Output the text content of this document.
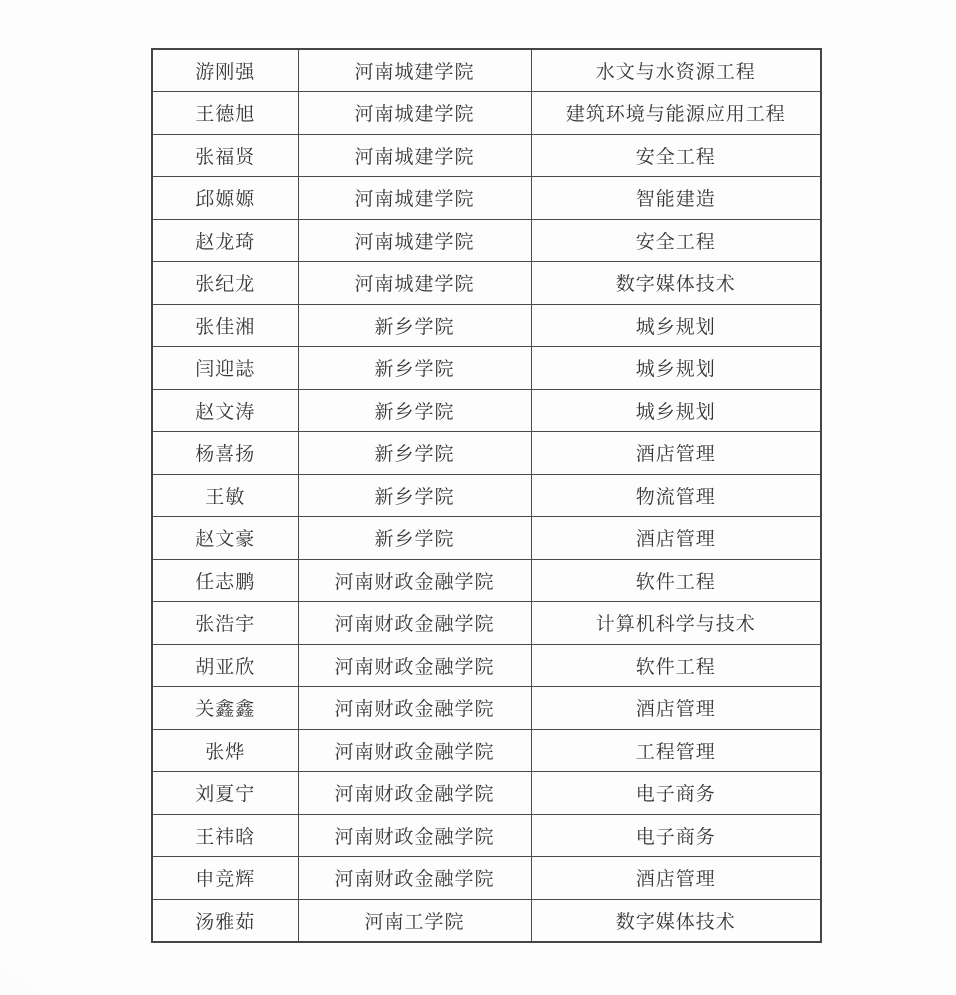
游刚强	河南城建学院	水文与水资源工程
王德旭	河南城建学院	建筑环境与能源应用工程
张福贤	河南城建学院	安全工程
邱嫄嫄	河南城建学院	智能建造
赵龙琦	河南城建学院	安全工程
张纪龙	河南城建学院	数字媒体技术
张佳湘	新乡学院	城乡规划
闫迎誌	新乡学院	城乡规划
赵文涛	新乡学院	城乡规划
杨喜扬	新乡学院	酒店管理
王敏	新乡学院	物流管理
赵文豪	新乡学院	酒店管理
任志鹏	河南财政金融学院	软件工程
张浩宇	河南财政金融学院	计算机科学与技术
胡亚欣	河南财政金融学院	软件工程
关鑫鑫	河南财政金融学院	酒店管理
张烨	河南财政金融学院	工程管理
刘夏宁	河南财政金融学院	电子商务
王祎晗	河南财政金融学院	电子商务
申竞辉	河南财政金融学院	酒店管理
汤雅茹	河南工学院	数字媒体技术
